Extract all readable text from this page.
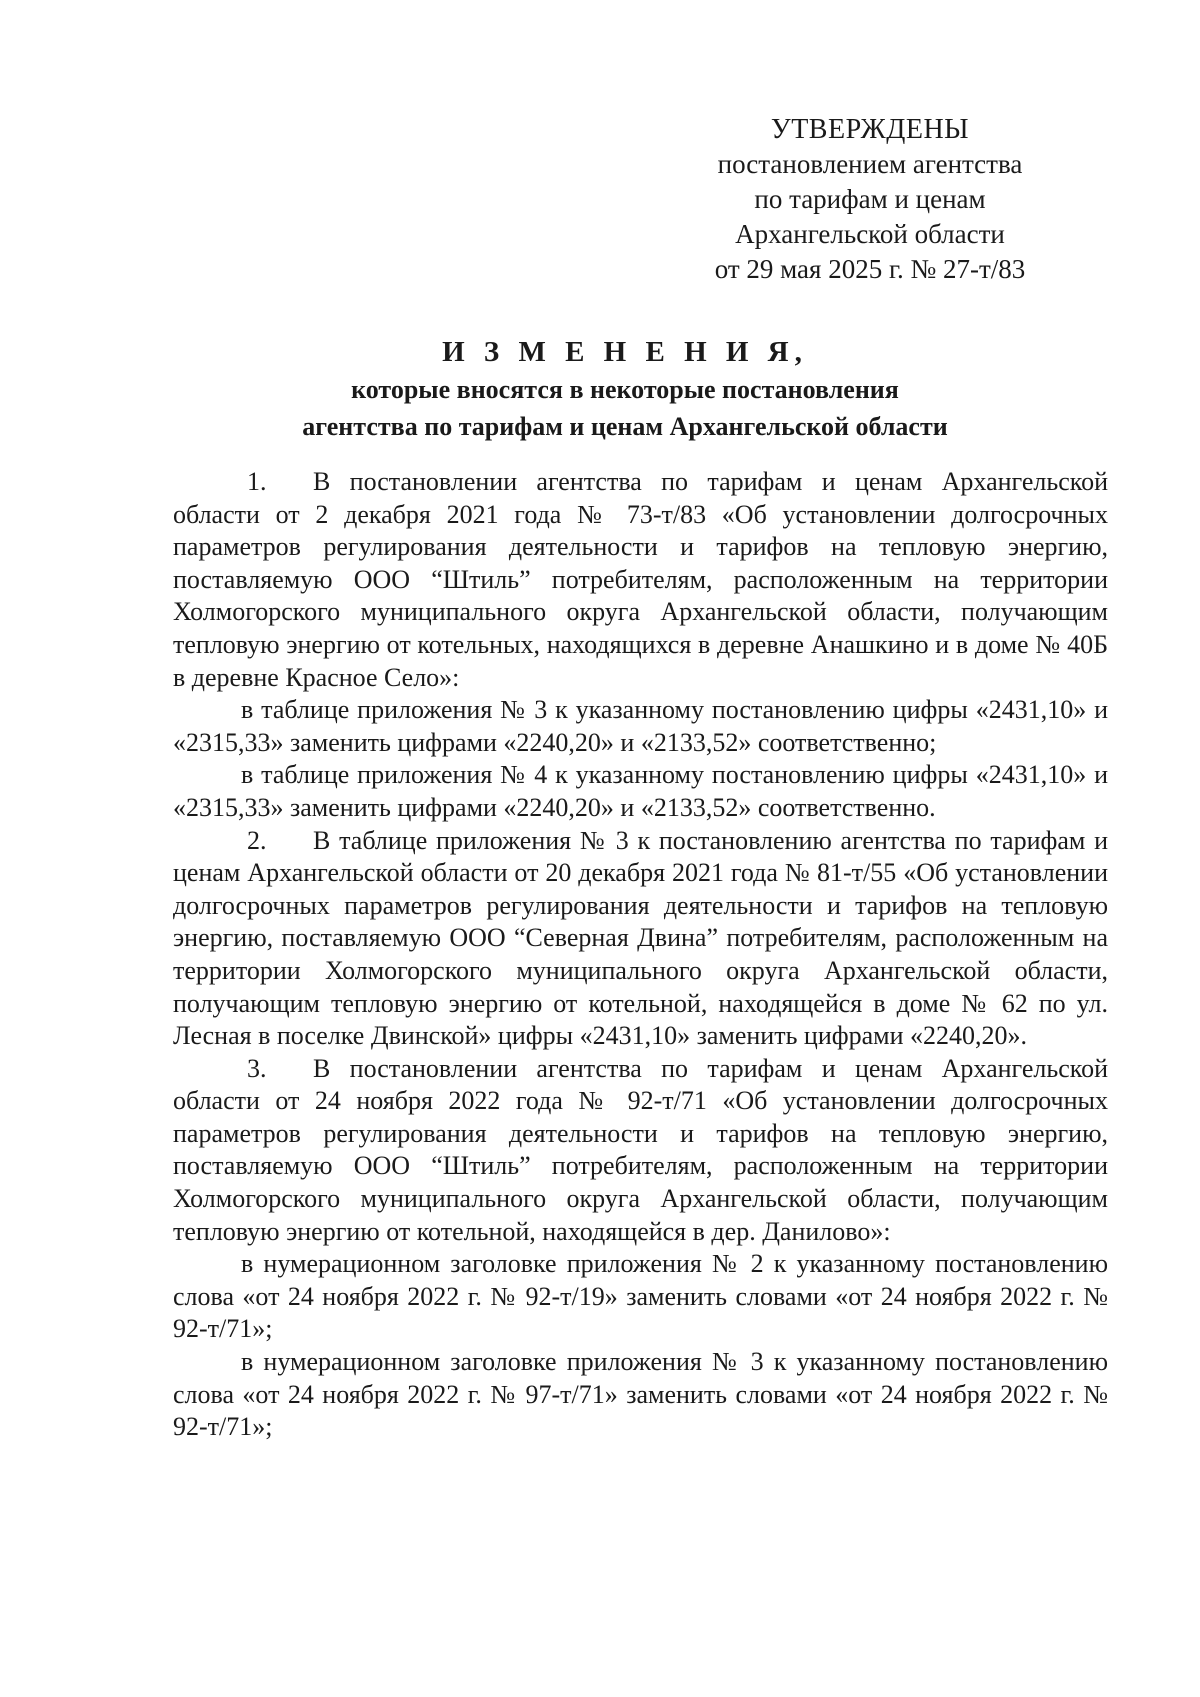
УТВЕРЖДЕНЫ
постановлением агентства
по тарифам и ценам
Архангельской области
от 29 мая 2025 г. № 27-т/83
И З М Е Н Е Н И Я,
которые вносятся в некоторые постановления
агентства по тарифам и ценам Архангельской области

1. В постановлении агентства по тарифам и ценам Архангельской области от 2 декабря 2021 года № 73-т/83 «Об установлении долгосрочных параметров регулирования деятельности и тарифов на тепловую энергию, поставляемую ООО “Штиль” потребителям, расположенным на территории Холмогорского муниципального округа Архангельской области, получающим тепловую энергию от котельных, находящихся в деревне Анашкино и в доме № 40Б в деревне Красное Село»:

в таблице приложения № 3 к указанному постановлению цифры «2431,10» и «2315,33» заменить цифрами «2240,20» и «2133,52» соответственно;

в таблице приложения № 4 к указанному постановлению цифры «2431,10» и «2315,33» заменить цифрами «2240,20» и «2133,52» соответственно.

2. В таблице приложения № 3 к постановлению агентства по тарифам и ценам Архангельской области от 20 декабря 2021 года № 81-т/55 «Об установлении долгосрочных параметров регулирования деятельности и тарифов на тепловую энергию, поставляемую ООО “Северная Двина” потребителям, расположенным на территории Холмогорского муниципального округа Архангельской области, получающим тепловую энергию от котельной, находящейся в доме № 62 по ул. Лесная в поселке Двинской» цифры «2431,10» заменить цифрами «2240,20».

3. В постановлении агентства по тарифам и ценам Архангельской области от 24 ноября 2022 года № 92-т/71 «Об установлении долгосрочных параметров регулирования деятельности и тарифов на тепловую энергию, поставляемую ООО “Штиль” потребителям, расположенным на территории Холмогорского муниципального округа Архангельской области, получающим тепловую энергию от котельной, находящейся в дер. Данилово»:

в нумерационном заголовке приложения № 2 к указанному постановлению слова «от 24 ноября 2022 г. № 92-т/19» заменить словами «от 24 ноября 2022 г. № 92-т/71»;

в нумерационном заголовке приложения № 3 к указанному постановлению слова «от 24 ноября 2022 г. № 97-т/71» заменить словами «от 24 ноября 2022 г. № 92-т/71»;
